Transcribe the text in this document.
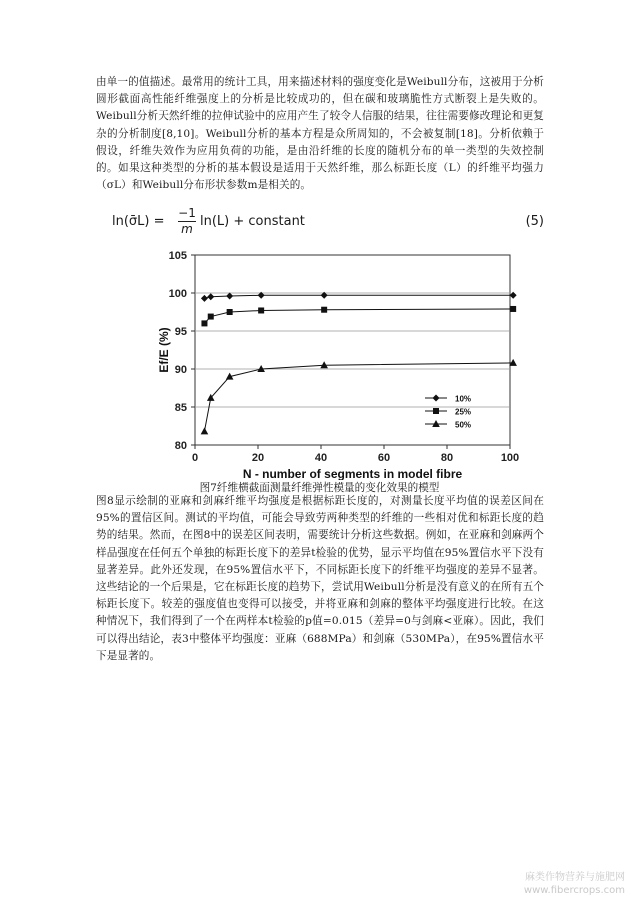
由单一的值描述。最常用的统计工具，用来描述材料的强度变化是Weibull分布，这被用于分析圆形截面高性能纤维强度上的分析是比较成功的，但在碳和玻璃脆性方式断裂上是失败的。Weibull分析天然纤维的拉伸试验中的应用产生了较令人信服的结果，往往需要修改理论和更复杂的分析制度[8,10]。Weibull分析的基本方程是众所周知的，不会被复制[18]。分析依赖于假设，纤维失效作为应用负荷的功能，是由沿纤维的长度的随机分布的单一类型的失效控制的。如果这种类型的分析的基本假设是适用于天然纤维，那么标距长度（L）的纤维平均强力（σL）和Weibull分布形状参数m是相关的。

ln(σ̄L) = $\frac{-1}{m} \ln(L)$ + constant	(5)
80
85
90
95
100
105
0	20	40	60	80	100
N - number of segments in model fibre
Ef/E (%)
10%
25%
50%
图7纤维横截面测量纤维弹性模量的变化效果的模型

图8显示绘制的亚麻和剑麻纤维平均强度是根据标距长度的，对测量长度平均值的误差区间在95%的置信区间。测试的平均值，可能会导致劳两种类型的纤维的一些相对优和标距长度的趋势的结果。然而，在图8中的误差区间表明，需要统计分析这些数据。例如，在亚麻和剑麻两个样品强度在任何五个单独的标距长度下的差异t检验的优势，显示平均值在95%置信水平下没有显著差异。此外还发现，在95%置信水平下，不同标距长度下的纤维平均强度的差异不显著。这些结论的一个后果是，它在标距长度的趋势下，尝试用Weibull分析是没有意义的在所有五个标距长度下。较差的强度值也变得可以接受，并将亚麻和剑麻的整体平均强度进行比较。在这种情况下，我们得到了一个在两样本t检验的p值=0.015（差异=0与剑麻<亚麻）。因此，我们可以得出结论，表3中整体平均强度：亚麻（688MPa）和剑麻（530MPa），在95%置信水平下是显著的。

麻类作物营养与施肥网
www.fibercrops.com
